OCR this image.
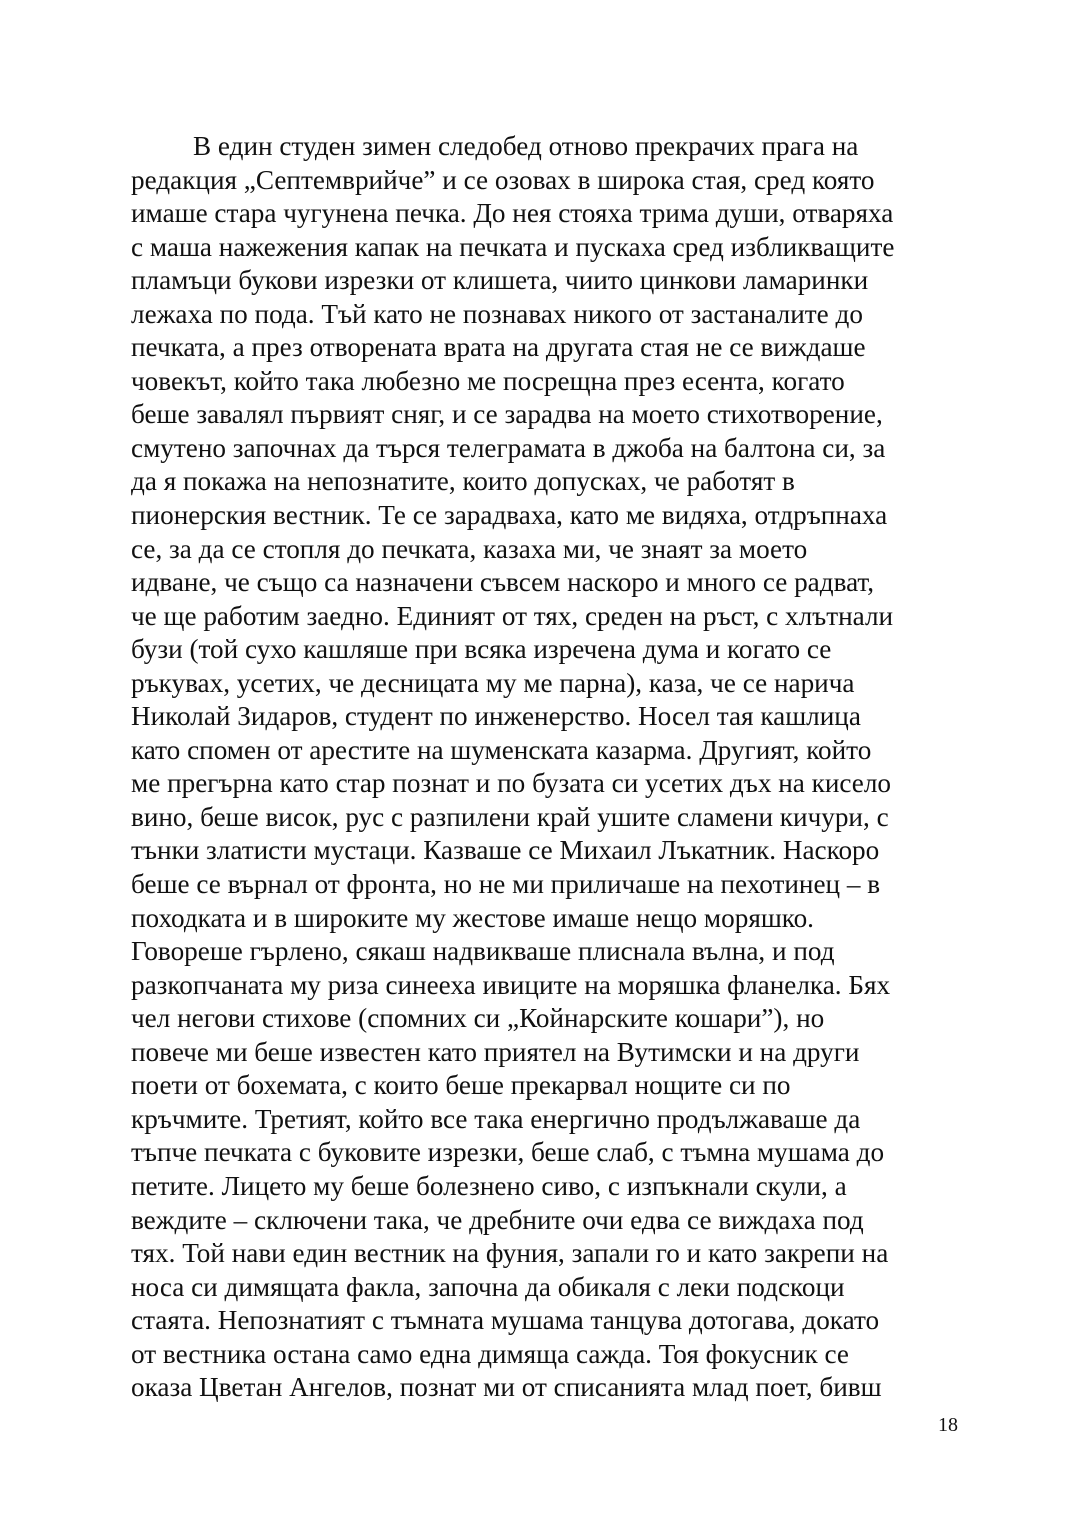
В един студен зимен следобед отново прекрачих прага на
редакция „Септемврийче” и се озовах в широка стая, сред която
имаше стара чугунена печка. До нея стояха трима души, отваряха
с маша нажежения капак на печката и пускаха сред избликващите
пламъци букови изрезки от клишета, чиито цинкови ламаринки
лежаха по пода. Тъй като не познавах никого от застаналите до
печката, а през отворената врата на другата стая не се виждаше
човекът, който така любезно ме посрещна през есента, когато
беше завалял първият сняг, и се зарадва на моето стихотворение,
смутено започнах да търся телеграмата в джоба на балтона си, за
да я покажа на непознатите, които допусках, че работят в
пионерския вестник. Те се зарадваха, като ме видяха, отдръпнаха
се, за да се стопля до печката, казаха ми, че знаят за моето
идване, че също са назначени съвсем наскоро и много се радват,
че ще работим заедно. Единият от тях, среден на ръст, с хлътнали
бузи (той сухо кашляше при всяка изречена дума и когато се
ръкувах, усетих, че десницата му ме парна), каза, че се нарича
Николай Зидаров, студент по инженерство. Носел тая кашлица
като спомен от арестите на шуменската казарма. Другият, който
ме прегърна като стар познат и по бузата си усетих дъх на кисело
вино, беше висок, рус с разпилени край ушите сламени кичури, с
тънки златисти мустаци. Казваше се Михаил Лъкатник. Наскоро
беше се върнал от фронта, но не ми приличаше на пехотинец – в
походката и в широките му жестове имаше нещо моряшко.
Говореше гърлено, сякаш надвикваше плиснала вълна, и под
разкопчаната му риза синееха ивиците на моряшка фланелка. Бях
чел негови стихове (спомних си „Койнарските кошари”), но
повече ми беше известен като приятел на Вутимски и на други
поети от бохемата, с които беше прекарвал нощите си по
кръчмите. Третият, който все така енергично продължаваше да
тъпче печката с буковите изрезки, беше слаб, с тъмна мушама до
петите. Лицето му беше болезнено сиво, с изпъкнали скули, а
веждите – сключени така, че дребните очи едва се виждаха под
тях. Той нави един вестник на фуния, запали го и като закрепи на
носа си димящата факла, започна да обикаля с леки подскоци
стаята. Непознатият с тъмната мушама танцува дотогава, докато
от вестника остана само една димяща сажда. Тоя фокусник се
оказа Цветан Ангелов, познат ми от списанията млад поет, бивш
18
